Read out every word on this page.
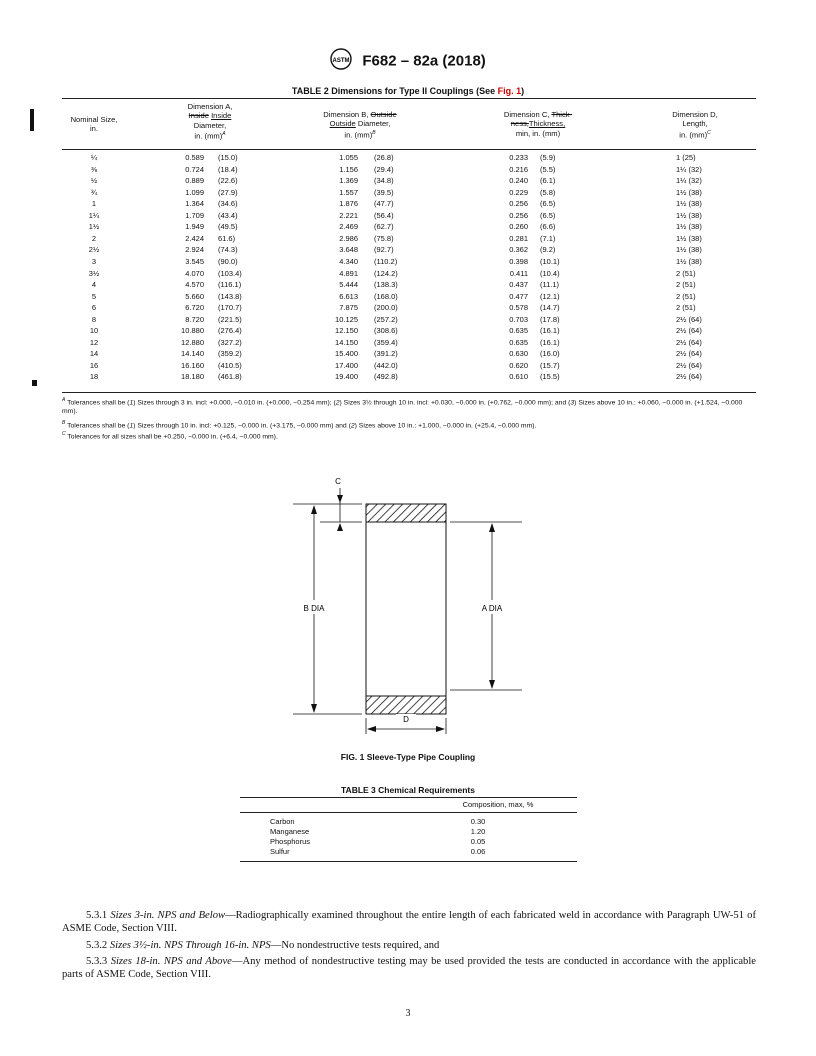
ASTM F682 – 82a (2018)
TABLE 2 Dimensions for Type II Couplings (See Fig. 1)
Nominal Size,
in.
Dimension A,
Inside Inside
Diameter,
in. (mm)$^A$
Dimension B, Outside
Outside Diameter,
in. (mm)$^B$
Dimension C, Thick-
ness,Thickness,
min, in. (mm)
Dimension D,
Length,
in. (mm)$^C$
¼	0.589 (15.0)	1.055 (26.8)	0.233 (5.9)	1 (25)
⅜	0.724 (18.4)	1.156 (29.4)	0.216 (5.5)	1¼ (32)
½	0.889 (22.6)	1.369 (34.8)	0.240 (6.1)	1¼ (32)
¾	1.099 (27.9)	1.557 (39.5)	0.229 (5.8)	1½ (38)
1	1.364 (34.6)	1.876 (47.7)	0.256 (6.5)	1½ (38)
1¼	1.709 (43.4)	2.221 (56.4)	0.256 (6.5)	1½ (38)
1½	1.949 (49.5)	2.469 (62.7)	0.260 (6.6)	1½ (38)
2	2.424 61.6)	2.986 (75.8)	0.281 (7.1)	1½ (38)
2½	2.924 (74.3)	3.648 (92.7)	0.362 (9.2)	1½ (38)
3	3.545 (90.0)	4.340 (110.2)	0.398 (10.1)	1½ (38)
3½	4.070 (103.4)	4.891 (124.2)	0.411 (10.4)	2 (51)
4	4.570 (116.1)	5.444 (138.3)	0.437 (11.1)	2 (51)
5	5.660 (143.8)	6.613 (168.0)	0.477 (12.1)	2 (51)
6	6.720 (170.7)	7.875 (200.0)	0.578 (14.7)	2 (51)
8	8.720 (221.5)	10.125 (257.2)	0.703 (17.8)	2½ (64)
10	10.880 (276.4)	12.150 (308.6)	0.635 (16.1)	2½ (64)
12	12.880 (327.2)	14.150 (359.4)	0.635 (16.1)	2½ (64)
14	14.140 (359.2)	15.400 (391.2)	0.630 (16.0)	2½ (64)
16	16.160 (410.5)	17.400 (442.0)	0.620 (15.7)	2½ (64)
18	18.180 (461.8)	19.400 (492.8)	0.610 (15.5)	2½ (64)
$^A$ Tolerances shall be (1) Sizes through 3 in. incl: +0.000, −0.010 in. (+0.000, −0.254 mm); (2) Sizes 3½ through 10 in. incl: +0.030, −0.000 in. (+0.762, −0.000 mm); and (3) Sizes above 10 in.: +0.060, −0.000 in. (+1.524, −0.000 mm).
$^B$ Tolerances shall be (1) Sizes through 10 in. incl: +0.125, −0.000 in. (+3.175, −0.000 mm) and (2) Sizes above 10 in.: +1.000, −0.000 in. (+25.4, −0.000 mm).
$^C$ Tolerances for all sizes shall be +0.250, −0.000 in. (+6.4, −0.000 mm).
B DIA
C
A DIA
D
FIG. 1 Sleeve-Type Pipe Coupling
TABLE 3 Chemical Requirements
Composition, max, %
Carbon	0.30
Manganese	1.20
Phosphorus	0.05
Sulfur	0.06
5.3.1 Sizes 3-in. NPS and Below—Radiographically examined throughout the entire length of each fabricated weld in accordance with Paragraph UW-51 of ASME Code, Section VIII.
5.3.2 Sizes 3½-in. NPS Through 16-in. NPS—No nondestructive tests required, and
5.3.3 Sizes 18-in. NPS and Above—Any method of nondestructive testing may be used provided the tests are conducted in accordance with the applicable parts of ASME Code, Section VIII.
3
